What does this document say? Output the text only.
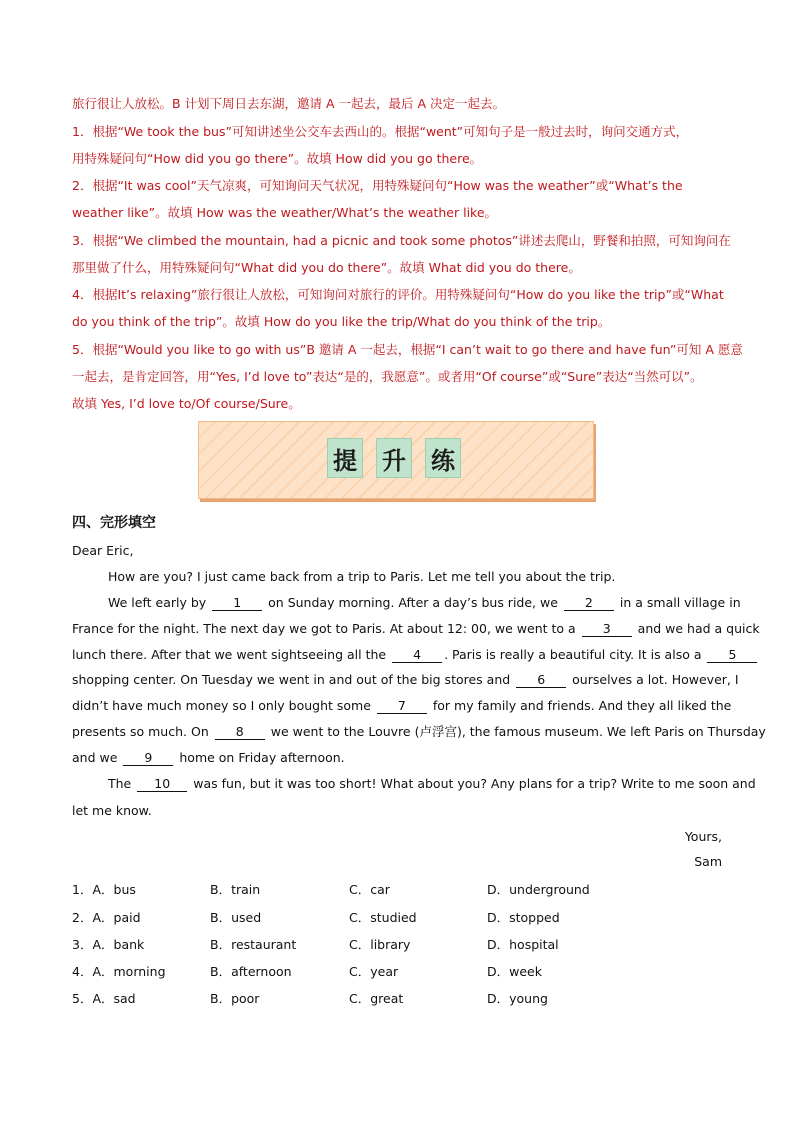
旅行很让人放松。B 计划下周日去东湖，邀请 A 一起去，最后 A 决定一起去。

1．根据“We took the bus”可知讲述坐公交车去西山的。根据“went”可知句子是一般过去时，询问交通方式，

用特殊疑问句“How did you go there”。故填 How did you go there。

2．根据“It was cool”天气凉爽，可知询问天气状况，用特殊疑问句“How was the weather”或“What’s the

weather like”。故填 How was the weather/What’s the weather like。

3．根据“We climbed the mountain, had a picnic and took some photos”讲述去爬山，野餐和拍照，可知询问在

那里做了什么，用特殊疑问句“What did you do there”。故填 What did you do there。

4．根据It’s relaxing”旅行很让人放松，可知询问对旅行的评价。用特殊疑问句“How do you like the trip”或“What

do you think of the trip”。故填 How do you like the trip/What do you think of the trip。

5．根据“Would you like to go with us”B 邀请 A 一起去，根据“I can’t wait to go there and have fun”可知 A 愿意

一起去，是肯定回答，用“Yes, I’d love to”表达“是的，我愿意”。或者用“Of course”或“Sure”表达“当然可以”。

故填 Yes, I’d love to/Of course/Sure。

提 升 练
四、完形填空

Dear Eric,

How are you? I just came back from a trip to Paris. Let me tell you about the trip.

We left early by 1 on Sunday morning. After a day’s bus ride, we 2 in a small village in

France for the night. The next day we got to Paris. At about 12: 00, we went to a 3 and we had a quick

lunch there. After that we went sightseeing all the 4 . Paris is really a beautiful city. It is also a 5

shopping center. On Tuesday we went in and out of the big stores and 6 ourselves a lot. However, I

didn’t have much money so I only bought some 7 for my family and friends. And they all liked the

presents so much. On 8 we went to the Louvre (卢浮宫), the famous museum. We left Paris on Thursday

and we 9 home on Friday afternoon.

The 10 was fun, but it was too short! What about you? Any plans for a trip? Write to me soon and

let me know.

Yours,

Sam

1．A．bus	B．train	C．car	D．underground
2．A．paid	B．used	C．studied	D．stopped
3．A．bank	B．restaurant	C．library	D．hospital
4．A．morning	B．afternoon	C．year	D．week
5．A．sad	B．poor	C．great	D．young
